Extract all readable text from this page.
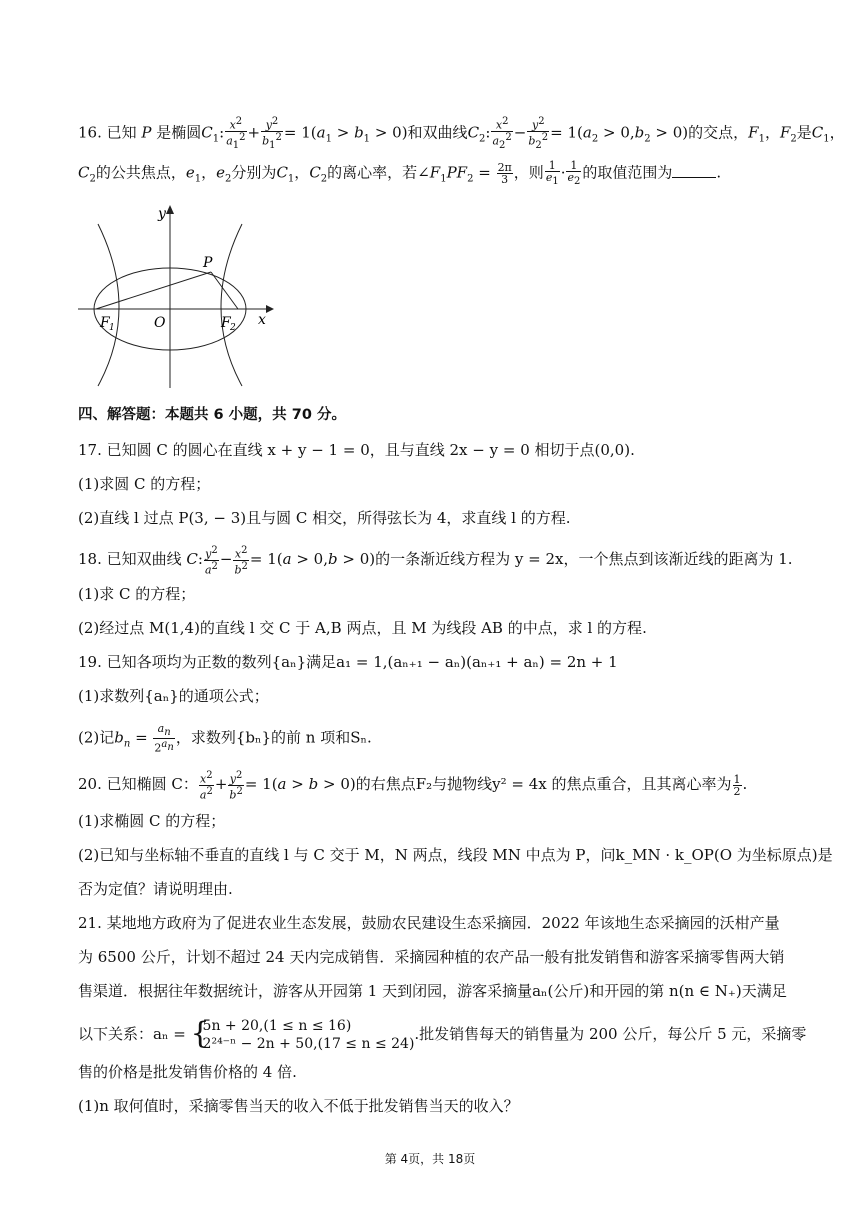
16. 已知 P 是椭圆$C_1$: $\frac{x^2}{a_1^2} + \frac{y^2}{b_1^2} = 1(a_1 > b_1 > 0)$和双曲线$C_2$: $\frac{x^2}{a_2^2} - \frac{y^2}{b_2^2} = 1(a_2 > 0,b_2 > 0)$的交点，$F_1$，$F_2$是$C_1$，
$C_2$的公共焦点，$e_1$，$e_2$分别为$C_1$，$C_2$的离心率，若$\angle F_1PF_2 = \frac{2\pi}{3}$ ，则 $\frac{1}{e_1} \cdot \frac{1}{e_2}$ 的取值范围为	.
y
x
P
F 1	O	F 2
四、解答题：本题共 6 小题，共 70 分。
17. 已知圆 C 的圆心在直线 x + y − 1 = 0，且与直线 2x − y = 0 相切于点(0,0).
(1)求圆 C 的方程；
(2)直线 l 过点 P(3, − 3)且与圆 C 相交，所得弦长为 4，求直线 l 的方程.
18. 已知双曲线 C: $\frac{y^2}{a^2} - \frac{x^2}{b^2} = 1(a > 0,b > 0)$的一条渐近线方程为 y = 2x，一个焦点到该渐近线的距离为 1.
(1)求 C 的方程；
(2)经过点 M(1,4)的直线 l 交 C 于 A,B 两点，且 M 为线段 AB 的中点，求 l 的方程.
19. 已知各项均为正数的数列{aₙ}满足a₁ = 1,(aₙ₊₁ − aₙ)(aₙ₊₁ + aₙ) = 2n + 1
(1)求数列{aₙ}的通项公式；
(2)记$b_n = \frac{a_n}{2^{a_n}}$ ，求数列{bₙ}的前 n 项和Sₙ.
20. 已知椭圆 C： $\frac{x^2}{a^2} + \frac{y^2}{b^2} = 1(a > b > 0)$的右焦点F₂与抛物线y² = 4x 的焦点重合，且其离心率为 $\frac{1}{2}$ .
(1)求椭圆 C 的方程；
(2)已知与坐标轴不垂直的直线 l 与 C 交于 M，N 两点，线段 MN 中点为 P，问k_MN · k_OP(O 为坐标原点)是
否为定值？请说明理由.
21. 某地地方政府为了促进农业生态发展，鼓励农民建设生态采摘园．2022 年该地生态采摘园的沃柑产量
为 6500 公斤，计划不超过 24 天内完成销售．采摘园种植的农产品一般有批发销售和游客采摘零售两大销
售渠道．根据往年数据统计，游客从开园第 1 天到闭园，游客采摘量aₙ(公斤)和开园的第 n(n ∈ N₊)天满足
以下关系：aₙ = {
5n + 20,(1 ≤ n ≤ 16)
2²⁴⁻ⁿ − 2n + 50,(17 ≤ n ≤ 24)
.批发销售每天的销售量为 200 公斤，每公斤 5 元，采摘零
售的价格是批发销售价格的 4 倍.
(1)n 取何值时，采摘零售当天的收入不低于批发销售当天的收入？
第 4页，共 18页
